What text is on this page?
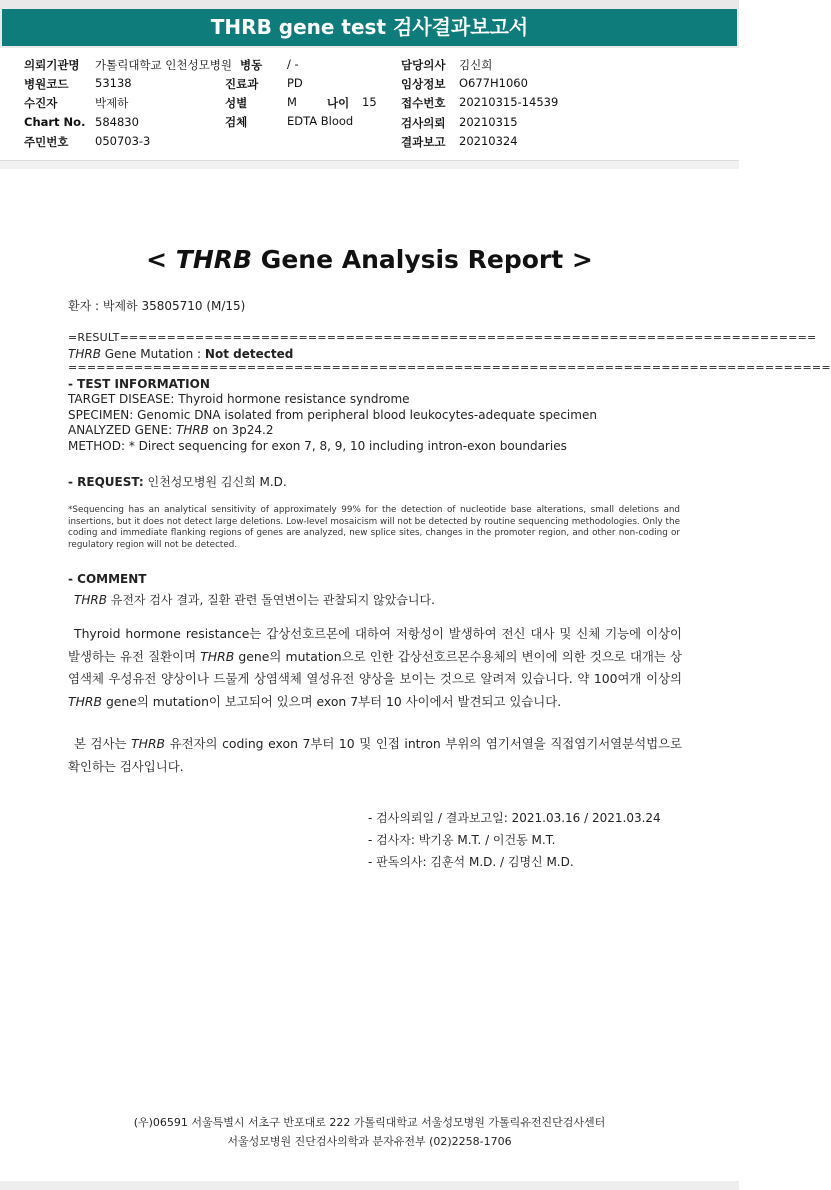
THRB gene test 검사결과보고서
의뢰기관명 가톨릭대학교 인천성모병원 병동 / -	담당의사 김신희
병원코드 53138	진료과 PD	임상정보 O677H1060
수진자	박제하	성별	M	나이 15 접수번호 20210315-14539
Chart No. 584830	검체	EDTA Blood	검사의뢰 20210315
주민번호 050703-3	결과보고 20210324
< THRB Gene Analysis Report >
환자 : 박제하 35805710 (M/15)
=RESULT==========================================================================
THRB Gene Mutation : Not detected
=================================================================================
- TEST INFORMATION
TARGET DISEASE: Thyroid hormone resistance syndrome
SPECIMEN: Genomic DNA isolated from peripheral blood leukocytes-adequate specimen
ANALYZED GENE: THRB on 3p24.2
METHOD: * Direct sequencing for exon 7, 8, 9, 10 including intron-exon boundaries
- REQUEST: 인천성모병원 김신희 M.D.
*Sequencing has an analytical sensitivity of approximately 99% for the detection of nucleotide base alterations, small deletions and insertions, but it does not detect large deletions. Low-level mosaicism will not be detected by routine sequencing methodologies. Only the coding and immediate flanking regions of genes are analyzed, new splice sites, changes in the promoter region, and other non-coding or regulatory region will not be detected.
- COMMENT
THRB 유전자 검사 결과, 질환 관련 돌연변이는 관찰되지 않았습니다.
Thyroid hormone resistance는 갑상선호르몬에 대하여 저항성이 발생하여 전신 대사 및 신체 기능에 이상이 발생하는 유전 질환이며 THRB gene의 mutation으로 인한 갑상선호르몬수용체의 변이에 의한 것으로 대개는 상염색체 우성유전 양상이나 드물게 상염색체 열성유전 양상을 보이는 것으로 알려져 있습니다. 약 100여개 이상의 THRB gene의 mutation이 보고되어 있으며 exon 7부터 10 사이에서 발견되고 있습니다.
본 검사는 THRB 유전자의 coding exon 7부터 10 및 인접 intron 부위의 염기서열을 직접염기서열분석법으로 확인하는 검사입니다.
- 검사의뢰일 / 결과보고일: 2021.03.16 / 2021.03.24
- 검사자: 박기옹 M.T. / 이건동 M.T.
- 판독의사: 김훈석 M.D. / 김명신 M.D.
(우)06591 서울특별시 서초구 반포대로 222 가톨릭대학교 서울성모병원 가톨릭유전진단검사센터
서울성모병원 진단검사의학과 분자유전부 (02)2258-1706
